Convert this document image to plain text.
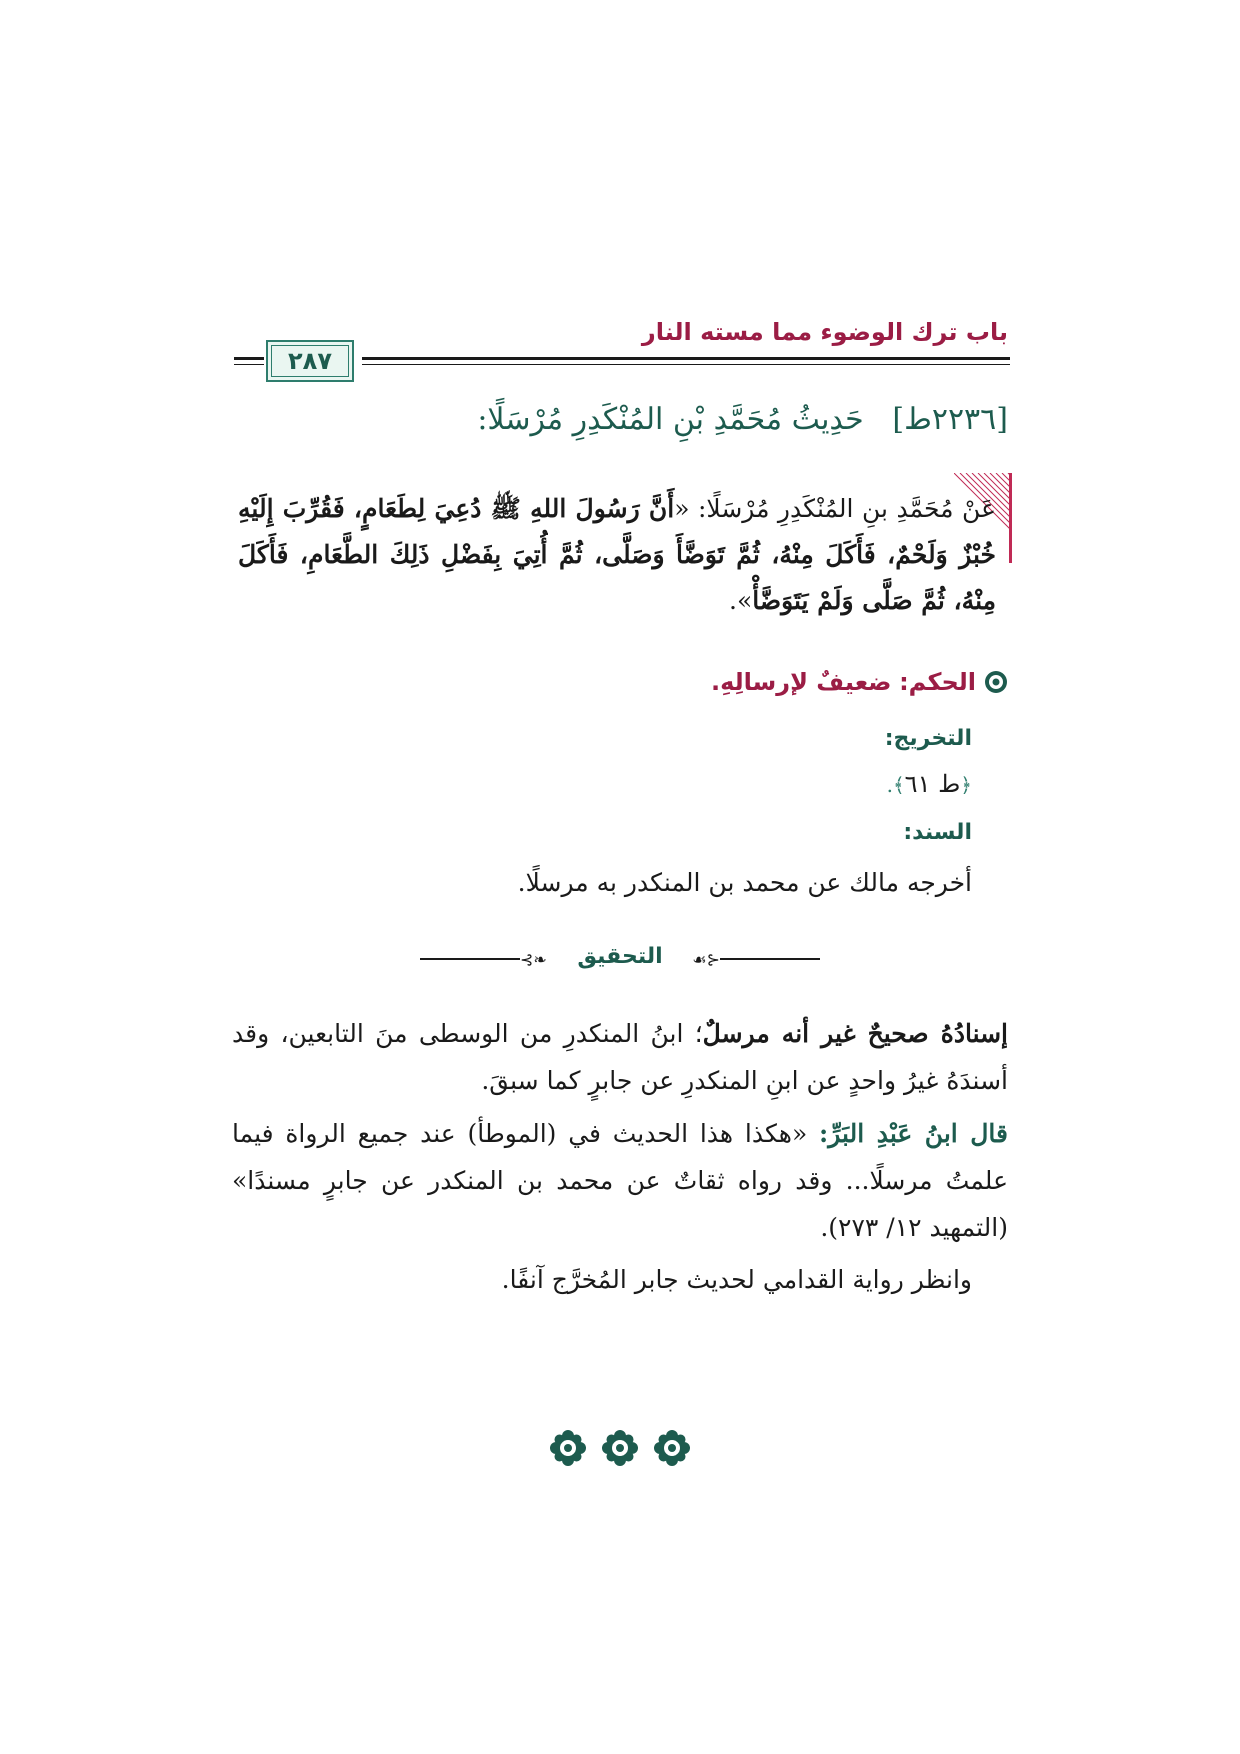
باب ترك الوضوء مما مسته النار
٢٨٧
[٢٢٣٦ط]   حَدِيثُ مُحَمَّدِ بْنِ المُنْكَدِرِ مُرْسَلًا:
عَنْ مُحَمَّدِ بنِ المُنْكَدِرِ مُرْسَلًا: «أَنَّ رَسُولَ اللهِ ﷺ دُعِيَ لِطَعَامٍ، فَقُرِّبَ إِلَيْهِ خُبْزٌ وَلَحْمٌ، فَأَكَلَ مِنْهُ، ثُمَّ تَوَضَّأَ وَصَلَّى، ثُمَّ أُتِيَ بِفَضْلِ ذَلِكَ الطَّعَامِ، فَأَكَلَ مِنْهُ، ثُمَّ صَلَّى وَلَمْ يَتَوَضَّأْ».
الحكم: ضعيفٌ لإرسالِهِ.
التخريج:
﴿ط ٦١﴾.
السند:
أخرجه مالك عن محمد بن المنكدر به مرسلًا.
⊰❧	☙⊱
التحقيق
إسنادُهُ صحيحٌ غير أنه مرسلٌ؛ ابنُ المنكدرِ من الوسطى منَ التابعين، وقد أسندَهُ غيرُ واحدٍ عن ابنِ المنكدرِ عن جابرٍ كما سبقَ.
قال ابنُ عَبْدِ البَرِّ: «هكذا هذا الحديث في (الموطأ) عند جميع الرواة فيما علمتُ مرسلًا... وقد رواه ثقاتٌ عن محمد بن المنكدر عن جابرٍ مسندًا» (التمهيد ١٢/ ٢٧٣).
وانظر رواية القدامي لحديث جابر المُخرَّج آنفًا.
